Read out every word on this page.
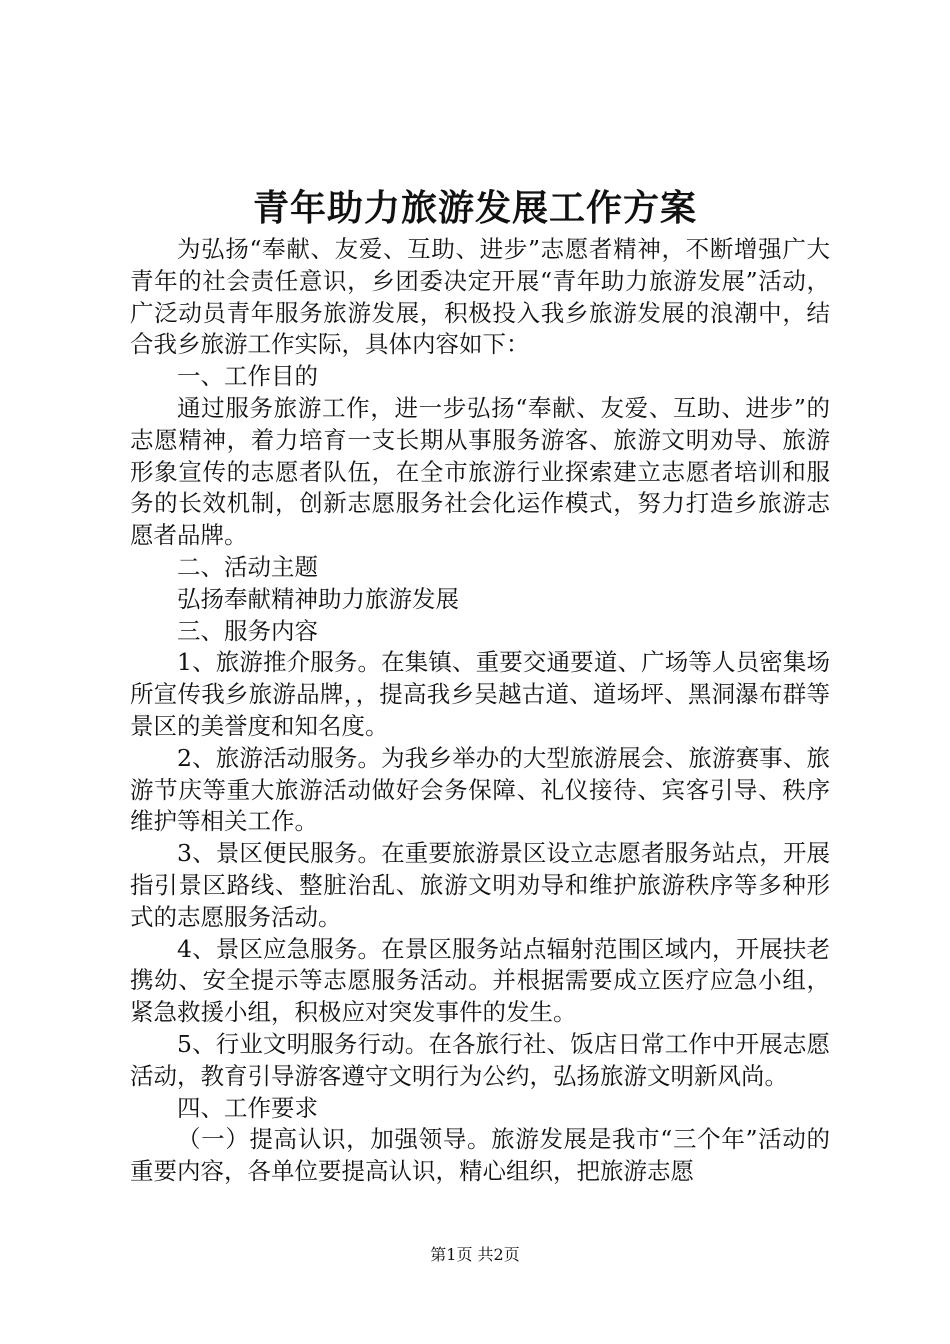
青年助力旅游发展工作方案

为弘扬“奉献、友爱、互助、进步”志愿者精神，不断增强广大青年的社会责任意识，乡团委决定开展“青年助力旅游发展”活动，广泛动员青年服务旅游发展，积极投入我乡旅游发展的浪潮中，结合我乡旅游工作实际，具体内容如下：

一、工作目的

通过服务旅游工作，进一步弘扬“奉献、友爱、互助、进步”的志愿精神，着力培育一支长期从事服务游客、旅游文明劝导、旅游形象宣传的志愿者队伍，在全市旅游行业探索建立志愿者培训和服务的长效机制，创新志愿服务社会化运作模式，努力打造乡旅游志愿者品牌。

二、活动主题

弘扬奉献精神助力旅游发展

三、服务内容

1、旅游推介服务。在集镇、重要交通要道、广场等人员密集场所宣传我乡旅游品牌，，提高我乡吴越古道、道场坪、黑洞瀑布群等景区的美誉度和知名度。

2、旅游活动服务。为我乡举办的大型旅游展会、旅游赛事、旅游节庆等重大旅游活动做好会务保障、礼仪接待、宾客引导、秩序维护等相关工作。

3、景区便民服务。在重要旅游景区设立志愿者服务站点，开展指引景区路线、整脏治乱、旅游文明劝导和维护旅游秩序等多种形式的志愿服务活动。

4、景区应急服务。在景区服务站点辐射范围区域内，开展扶老携幼、安全提示等志愿服务活动。并根据需要成立医疗应急小组，紧急救援小组，积极应对突发事件的发生。

5、行业文明服务行动。在各旅行社、饭店日常工作中开展志愿活动，教育引导游客遵守文明行为公约，弘扬旅游文明新风尚。

四、工作要求

（一）提高认识，加强领导。旅游发展是我市“三个年”活动的重要内容，各单位要提高认识，精心组织，把旅游志愿

第1页 共2页
